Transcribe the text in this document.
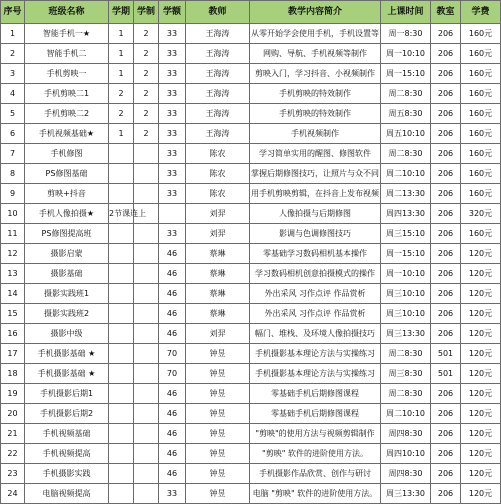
序号	班级名称	学期	学制	学额	教师	教学内容简介	上课时间	教室	学费
1	智能手机一★	1	2	33	王海涛	从零开始学会使用手机，手机设置等	周一8:30	206	160元
2	智能手机二	1	2	33	王海涛	网购、导航、手机视频等制作	周一10:10	206	160元
3	手机剪映一	1	2	33	王海涛	剪映入门，学习抖音、小视频制作	周一15:10	206	160元
4	手机剪映二1	2	2	33	王海涛	手机剪映的特效制作	周二8:30	206	160元
5	手机剪映二2	2	2	33	王海涛	手机剪映的特效制作	周五8:30	206	160元
6	手机视频基础★	1	2	33	王海涛	手机视频制作	周五10:10	206	160元
7	手机修图			33	陈农	学习简单实用的醒图、修图软件	周二8:30	206	160元
8	PS修图基础			33	陈农	掌握后期修图技巧，让照片与众不同	周二10:10	206	160元
9	剪映+抖音			33	陈农	用手机剪映剪辑，在抖音上发布视频	周二13:30	206	160元
10	手机人像拍摄★	2节课连上			刘羿	人像拍摄与后期修图	周四13:30	206	320元
11	PS修图提高班			33	刘羿	影调与色调修图技巧	周三15:10	206	160元
12	摄影启蒙			46	蔡琳	零基础学习数码相机基本操作	周一15:10	206	120元
13	摄影基础			46	蔡琳	学习数码相机创意拍摄模式的操作	周一10:10	206	120元
14	摄影实践班1			46	蔡琳	外出采风 习作点评 作品赏析	周三10:10	206	120元
15	摄影实践班2			46	蔡琳	外出采风 习作点评 作品赏析	周三10:10	206	120元
16	摄影中级			46	刘羿	幅门、堆栈、及环境人像拍摄技巧	周三13:30	206	120元
17	手机摄影基础 ★			70	钟昱	手机摄影基本理论方法与实操练习	周二8:30	501	120元
18	手机摄影基础 ★			70	钟昱	手机摄影基本理论方法与实操练习	周三8:30	501	120元
19	手机摄影后期1			46	钟昱	零基础手机后期修图课程	周二8:30	206	120元
20	手机摄影后期2			46	钟昱	零基础手机后期修图课程	周二10:10	206	120元
21	手机视频基础			46	钟昱	"剪映"的使用方法与视频剪辑制作	周四8:30	206	120元
22	手机视频提高			46	钟昱	"剪映" 软件的进阶使用方法。	周四10:10	206	120元
23	手机摄影实践			46	钟昱	手机摄影作品欣赏、创作与研讨	周四8:30	206	120元
24	电脑视频提高			33	钟昱	电脑 "剪映" 软件的进阶使用方法。	周三13:30	206	120元
